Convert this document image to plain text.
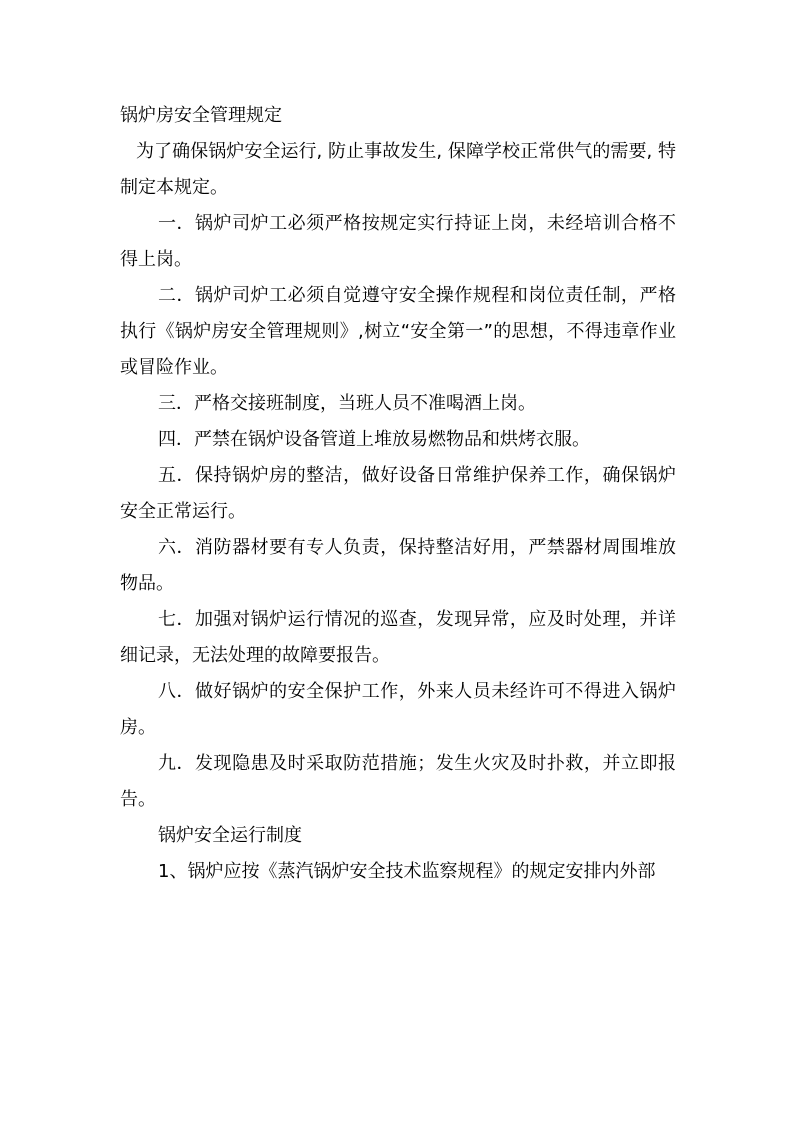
锅炉房安全管理规定

为了确保锅炉安全运行, 防止事故发生, 保障学校正常供气的需要, 特制定本规定。

一．锅炉司炉工必须严格按规定实行持证上岗，未经培训合格不得上岗。

二．锅炉司炉工必须自觉遵守安全操作规程和岗位责任制，严格执行《锅炉房安全管理规则》,树立“安全第一”的思想，不得违章作业或冒险作业。

三．严格交接班制度，当班人员不准喝酒上岗。

四．严禁在锅炉设备管道上堆放易燃物品和烘烤衣服。

五．保持锅炉房的整洁，做好设备日常维护保养工作，确保锅炉安全正常运行。

六．消防器材要有专人负责，保持整洁好用，严禁器材周围堆放物品。

七．加强对锅炉运行情况的巡查，发现异常，应及时处理，并详细记录，无法处理的故障要报告。

八．做好锅炉的安全保护工作，外来人员未经许可不得进入锅炉房。

九．发现隐患及时采取防范措施；发生火灾及时扑救，并立即报告。

锅炉安全运行制度

1、锅炉应按《蒸汽锅炉安全技术监察规程》的规定安排内外部
